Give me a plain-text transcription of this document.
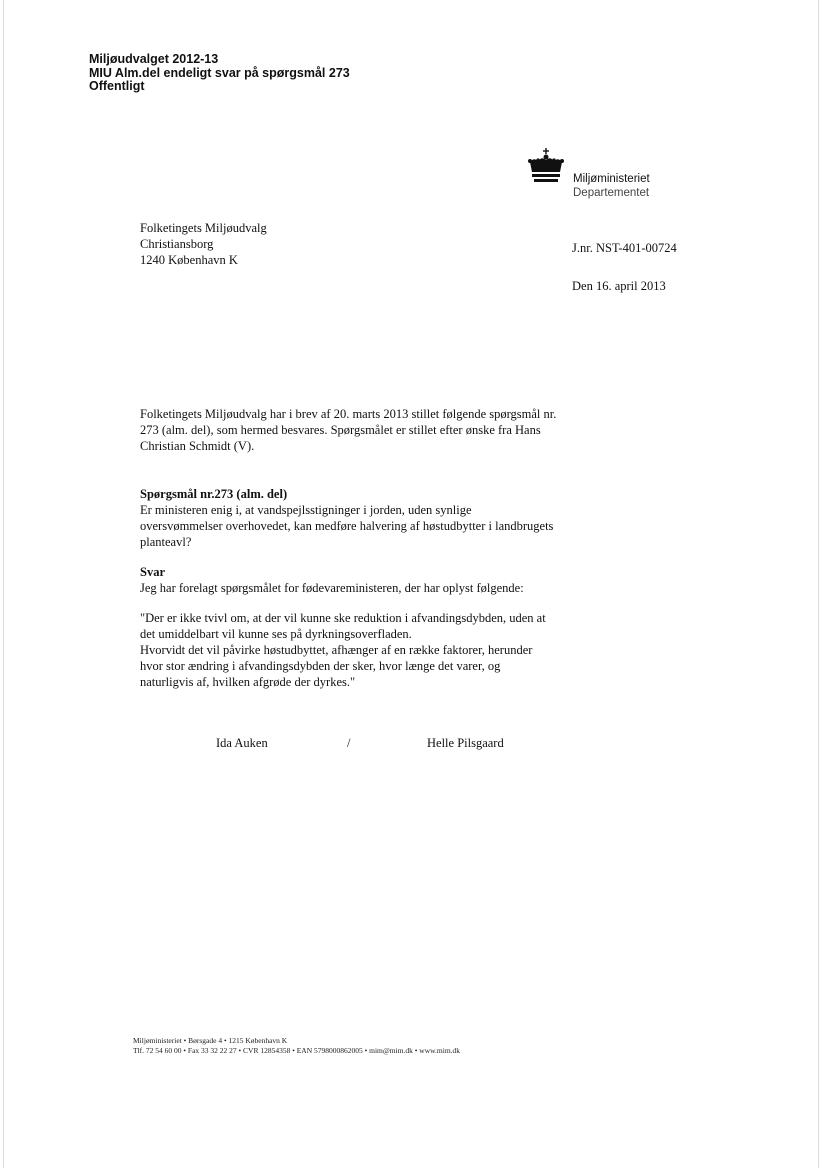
Miljøudvalget 2012-13
MIU Alm.del endeligt svar på spørgsmål 273
Offentligt
Miljøministeriet
Departementet
Folketingets Miljøudvalg
Christiansborg
1240 København K
J.nr. NST-401-00724
Den 16. april 2013
Folketingets Miljøudvalg har i brev af 20. marts 2013 stillet følgende spørgsmål nr.
273 (alm. del), som hermed besvares. Spørgsmålet er stillet efter ønske fra Hans
Christian Schmidt (V).
Spørgsmål nr.273 (alm. del)
Er ministeren enig i, at vandspejlsstigninger i jorden, uden synlige
oversvømmelser overhovedet, kan medføre halvering af høstudbytter i landbrugets
planteavl?
Svar
Jeg har forelagt spørgsmålet for fødevareministeren, der har oplyst følgende:
"Der er ikke tvivl om, at der vil kunne ske reduktion i afvandingsdybden, uden at
det umiddelbart vil kunne ses på dyrkningsoverfladen.
Hvorvidt det vil påvirke høstudbyttet, afhænger af en række faktorer, herunder
hvor stor ændring i afvandingsdybden der sker, hvor længe det varer, og
naturligvis af, hvilken afgrøde der dyrkes."
Ida Auken	/	Helle Pilsgaard
Miljøministeriet • Børsgade 4 • 1215 København K
Tlf. 72 54 60 00 • Fax 33 32 22 27 • CVR 12854358 • EAN 5798000862005 • mim@mim.dk • www.mim.dk
